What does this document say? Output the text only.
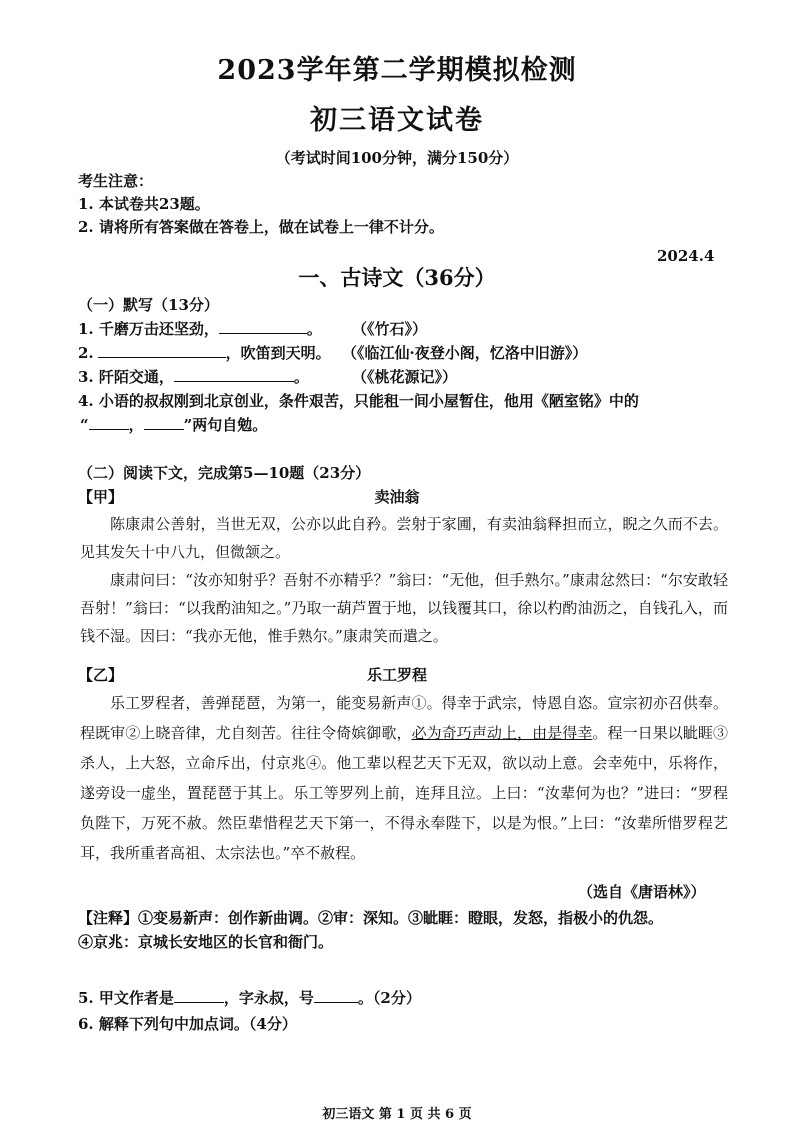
2023学年第二学期模拟检测
初三语文试卷
（考试时间100分钟，满分150分）
考生注意：
1. 本试卷共23题。
2. 请将所有答案做在答卷上，做在试卷上一律不计分。
2024.4
一、古诗文（36分）
（一）默写（13分）
1. 千磨万击还坚劲，	。 （《竹石》）
2.	，吹笛到天明。 （《临江仙·夜登小阁，忆洛中旧游》）
3. 阡陌交通，	。	（《桃花源记》）
4. 小语的叔叔刚到北京创业，条件艰苦，只能租一间小屋暂住，他用《陋室铭》中的
“	，	”两句自勉。
（二）阅读下文，完成第5—10题（23分）
【甲】	卖油翁
陈康肃公善射，当世无双，公亦以此自矜。尝射于家圃，有卖油翁释担而立，睨之久而不去。见其发矢十中八九，但微颔之。
康肃问曰：“汝亦知射乎？吾射不亦精乎？”翁曰：“无他，但手熟尔。”康肃忿然曰：“尔安敢轻吾射！”翁曰：“以我酌油知之。”乃取一葫芦置于地，以钱覆其口，徐以杓酌油沥之，自钱孔入，而钱不湿。因曰：“我亦无他，惟手熟尔。”康肃笑而遣之。
【乙】	乐工罗程
乐工罗程者，善弹琵琶，为第一，能变易新声①。得幸于武宗，恃恩自恣。宣宗初亦召供奉。程既审②上晓音律，尤自刻苦。往往令倚嫔御歌，必为奇巧声动上，由是得幸。程一日果以眦睚③杀人，上大怒，立命斥出，付京兆④。他工辈以程艺天下无双，欲以动上意。会幸苑中，乐将作，遂旁设一虚坐，置琵琶于其上。乐工等罗列上前，连拜且泣。上曰：“汝辈何为也？”进曰：“罗程负陛下，万死不赦。然臣辈惜程艺天下第一，不得永奉陛下，以是为恨。”上曰：“汝辈所惜罗程艺耳，我所重者高祖、太宗法也。”卒不赦程。
（选自《唐语林》）
【注释】①变易新声：创作新曲调。②审：深知。③眦睚：瞪眼，发怒，指极小的仇怨。
④京兆：京城长安地区的长官和衙门。
5. 甲文作者是	，字永叔，号	。（2分）
6. 解释下列句中加点词。（4分）
初三语文 第 1 页 共 6 页
